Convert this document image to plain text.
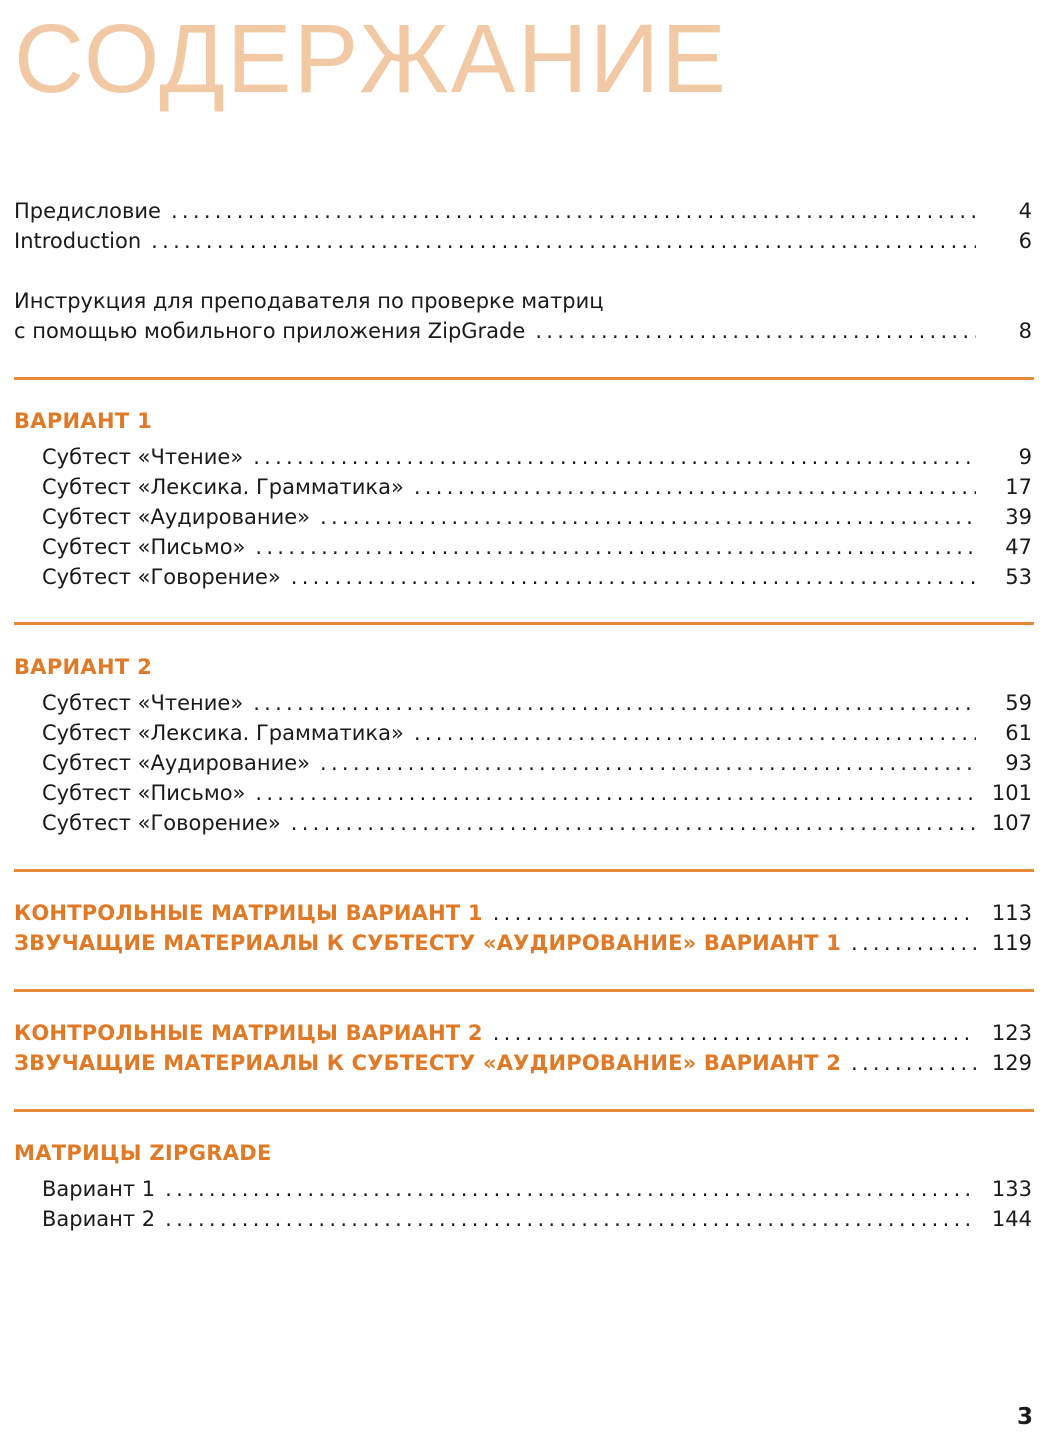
СОДЕРЖАНИЕ
Предисловие . . .	4
Introduction . . .	6
Инструкция для преподавателя по проверке матриц
с помощью мобильного приложения ZipGrade . . .	8
ВАРИАНТ 1
Субтест «Чтение» . . .	9
Субтест «Лексика. Грамматика» . . .	17
Субтест «Аудирование» . . .	39
Субтест «Письмо» . . .	47
Субтест «Говорение» . . .	53
ВАРИАНТ 2
Субтест «Чтение» . . .	59
Субтест «Лексика. Грамматика» . . .	61
Субтест «Аудирование» . . .	93
Субтест «Письмо» . . .	101
Субтест «Говорение» . . .	107
КОНТРОЛЬНЫЕ МАТРИЦЫ ВАРИАНТ 1 . . .	113
ЗВУЧАЩИЕ МАТЕРИАЛЫ К СУБТЕСТУ «АУДИРОВАНИЕ» ВАРИАНТ 1 . . .	119
КОНТРОЛЬНЫЕ МАТРИЦЫ ВАРИАНТ 2 . . .	123
ЗВУЧАЩИЕ МАТЕРИАЛЫ К СУБТЕСТУ «АУДИРОВАНИЕ» ВАРИАНТ 2 . . .	129
МАТРИЦЫ ZIPGRADE
Вариант 1 . . .	133
Вариант 2 . . .	144
3
